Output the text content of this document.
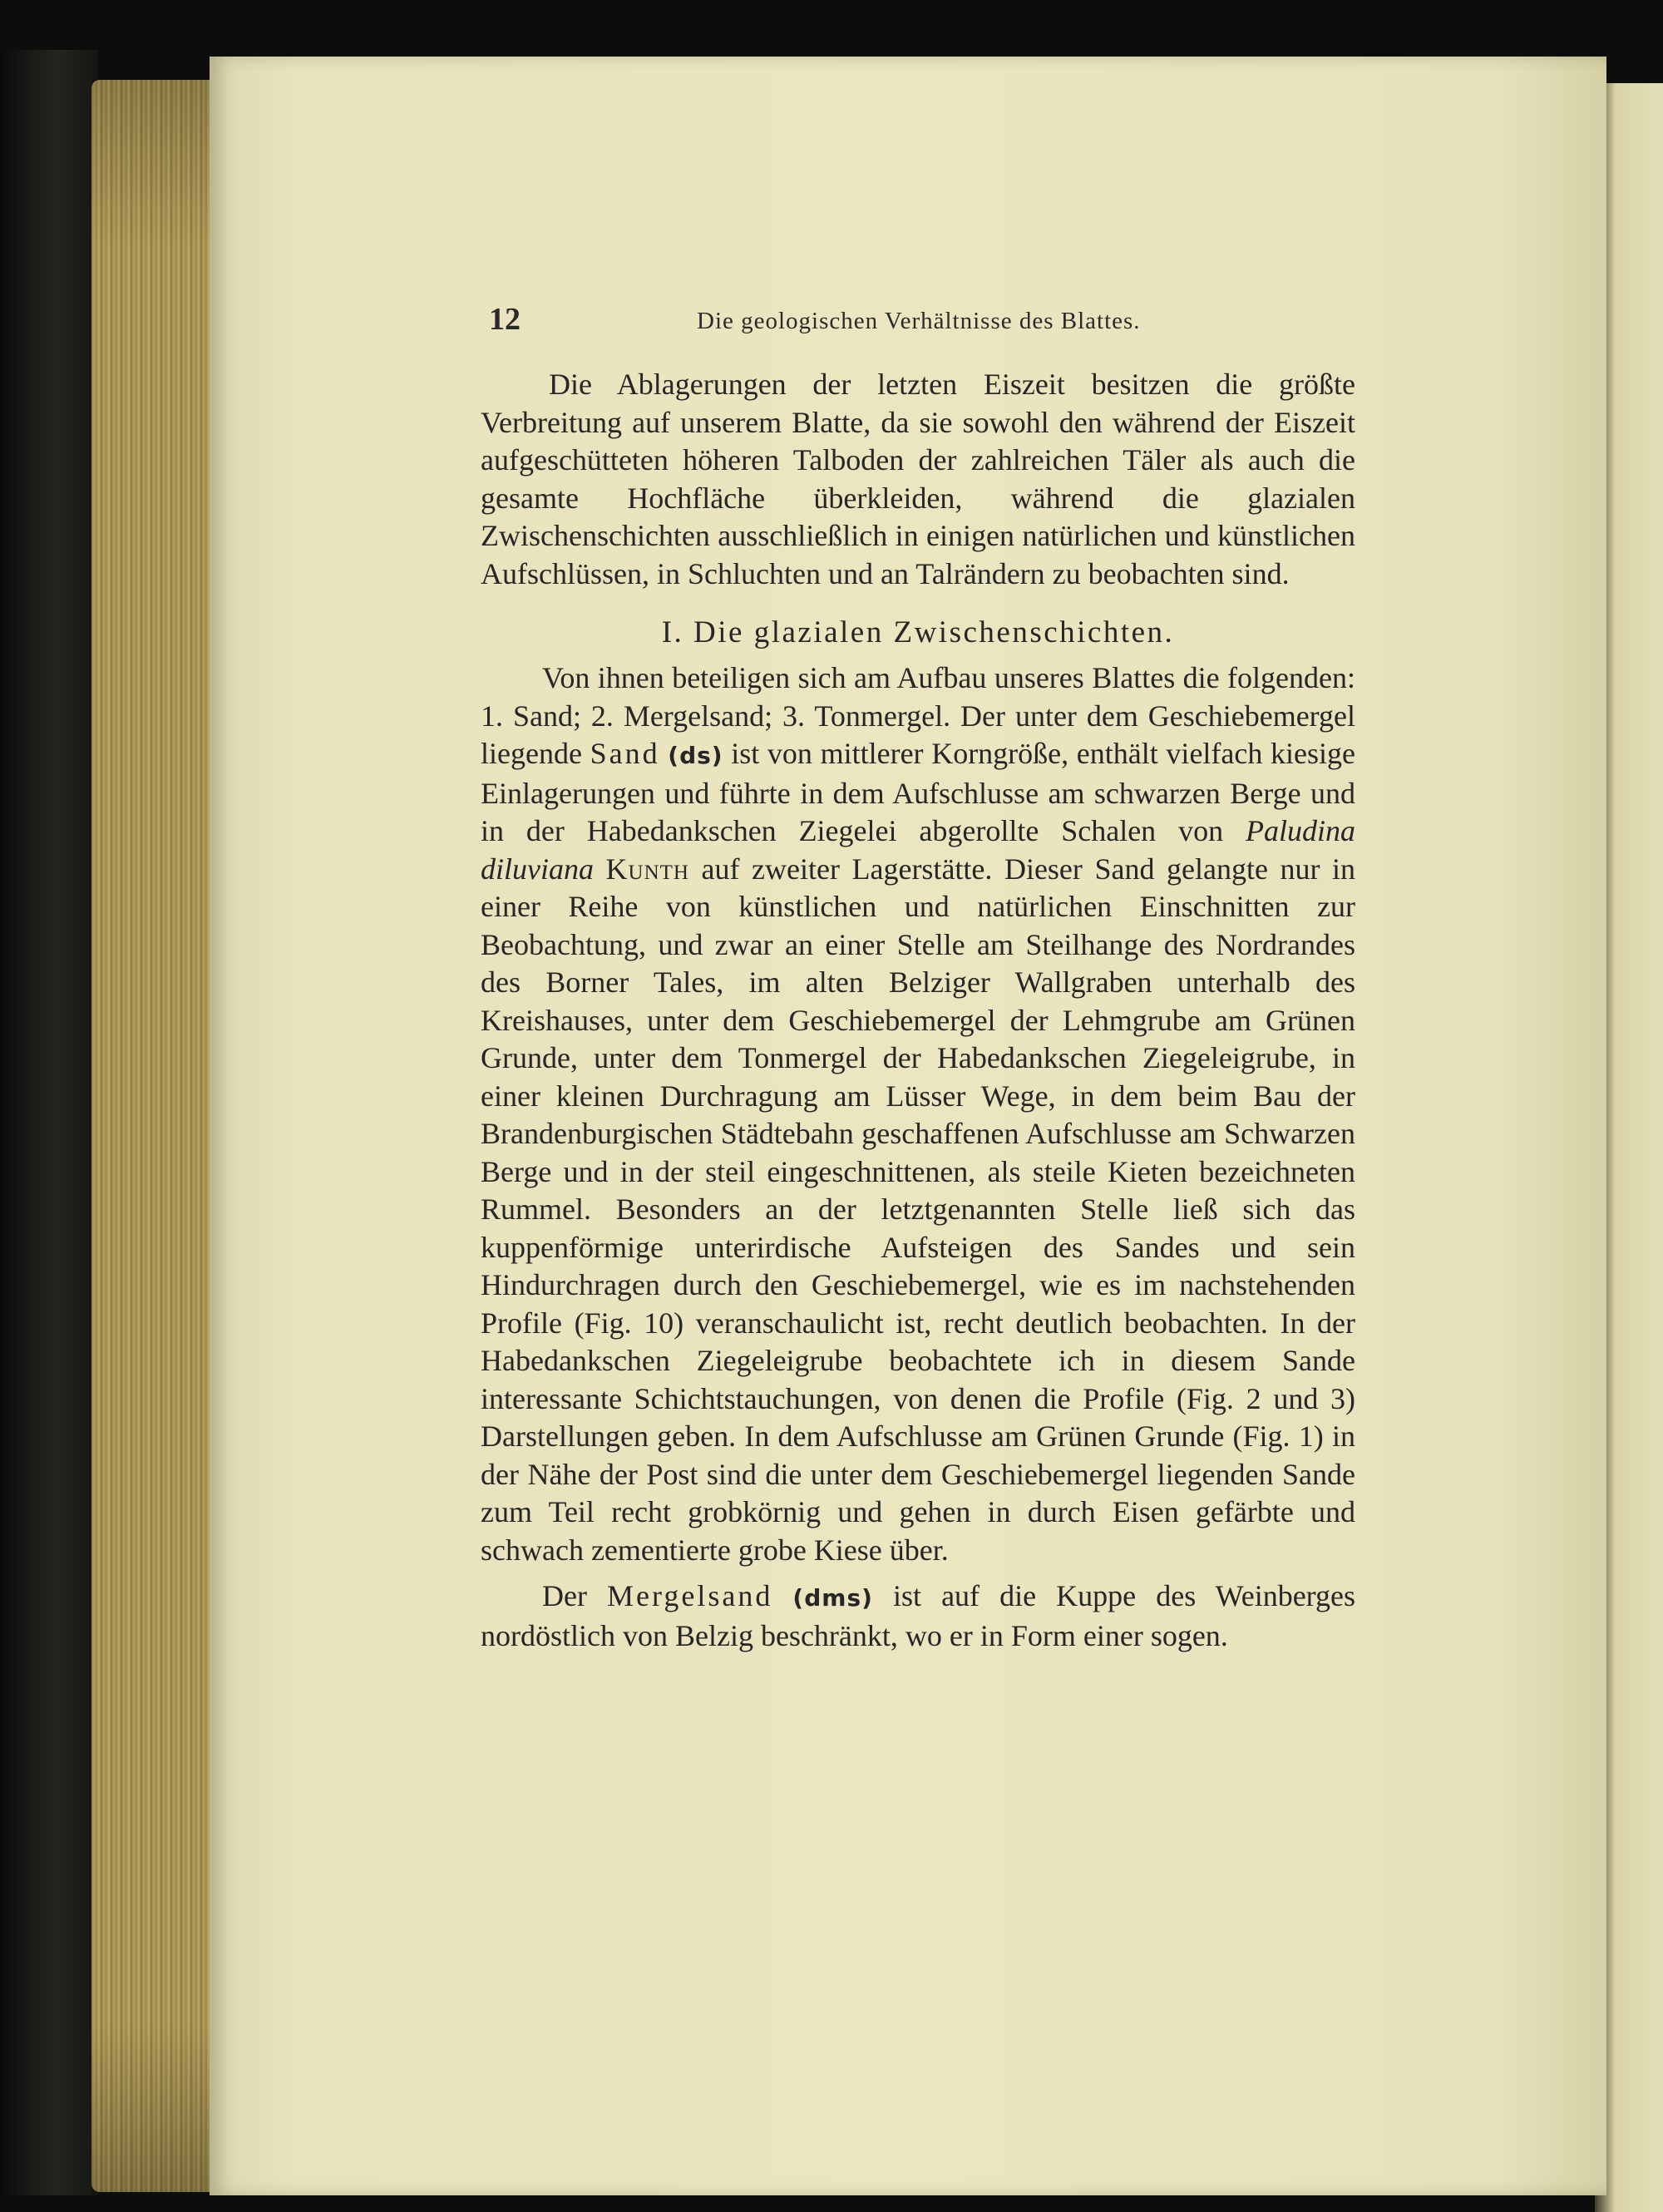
12	Die geologischen Verhältnisse des Blattes.

Die Ablagerungen der letzten Eiszeit besitzen die größte Verbreitung auf unserem Blatte, da sie sowohl den während der Eiszeit aufgeschütteten höheren Talboden der zahlreichen Täler als auch die gesamte Hochfläche überkleiden, während die glazialen Zwischenschichten ausschließlich in einigen natürlichen und künstlichen Aufschlüssen, in Schluchten und an Talrändern zu beobachten sind.

I. Die glazialen Zwischenschichten.

Von ihnen beteiligen sich am Aufbau unseres Blattes die folgenden: 1. Sand; 2. Mergelsand; 3. Tonmergel. Der unter dem Geschiebemergel liegende Sand (ds) ist von mittlerer Korngröße, enthält vielfach kiesige Einlagerungen und führte in dem Aufschlusse am schwarzen Berge und in der Habedankschen Ziegelei abgerollte Schalen von Paludina diluviana Kunth auf zweiter Lagerstätte. Dieser Sand gelangte nur in einer Reihe von künstlichen und natürlichen Einschnitten zur Beobachtung, und zwar an einer Stelle am Steilhange des Nordrandes des Borner Tales, im alten Belziger Wallgraben unterhalb des Kreishauses, unter dem Geschiebemergel der Lehmgrube am Grünen Grunde, unter dem Tonmergel der Habedankschen Ziegeleigrube, in einer kleinen Durchragung am Lüsser Wege, in dem beim Bau der Brandenburgischen Städtebahn geschaffenen Aufschlusse am Schwarzen Berge und in der steil eingeschnittenen, als steile Kieten bezeichneten Rummel. Besonders an der letztgenannten Stelle ließ sich das kuppenförmige unterirdische Aufsteigen des Sandes und sein Hindurchragen durch den Geschiebemergel, wie es im nachstehenden Profile (Fig. 10) veranschaulicht ist, recht deutlich beobachten. In der Habedankschen Ziegeleigrube beobachtete ich in diesem Sande interessante Schichtstauchungen, von denen die Profile (Fig. 2 und 3) Darstellungen geben. In dem Aufschlusse am Grünen Grunde (Fig. 1) in der Nähe der Post sind die unter dem Geschiebemergel liegenden Sande zum Teil recht grobkörnig und gehen in durch Eisen gefärbte und schwach zementierte grobe Kiese über.

Der Mergelsand (dms) ist auf die Kuppe des Weinberges nordöstlich von Belzig beschränkt, wo er in Form einer sogen.
